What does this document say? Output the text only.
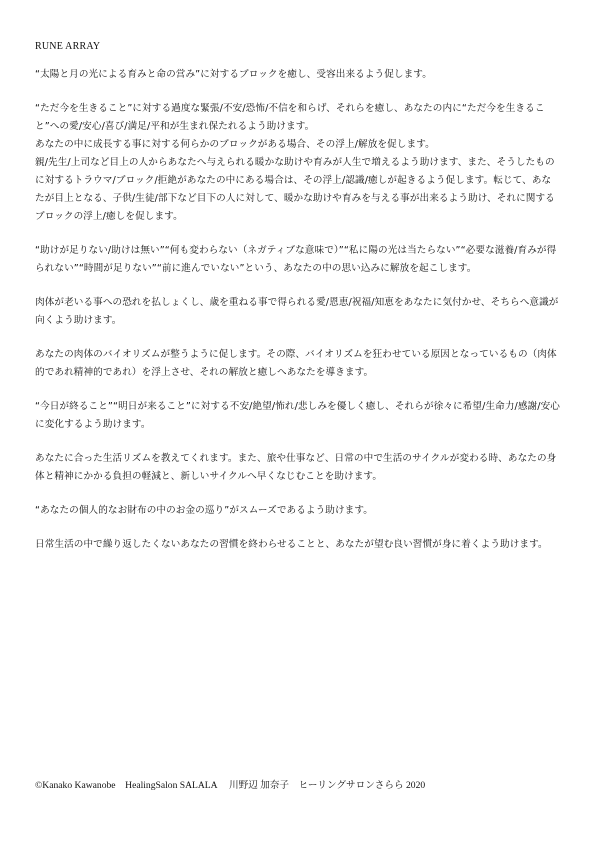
RUNE ARRAY

“太陽と月の光による育みと命の営み”に対するブロックを癒し、受容出来るよう促します。

“ただ今を生きること”に対する過度な緊張/不安/恐怖/不信を和らげ、それらを癒し、あなたの内に“ただ今を生きること”への愛/安心/喜び/満足/平和が生まれ保たれるよう助けます。

あなたの中に成長する事に対する何らかのブロックがある場合、その浮上/解放を促します。

親/先生/上司など目上の人からあなたへ与えられる暖かな助けや育みが人生で増えるよう助けます、また、そうしたものに対するトラウマ/ブロック/拒絶があなたの中にある場合は、その浮上/認識/癒しが起きるよう促します。転じて、あなたが目上となる、子供/生徒/部下など目下の人に対して、暖かな助けや育みを与える事が出来るよう助け、それに関するブロックの浮上/癒しを促します。

“助けが足りない/助けは無い”“何も変わらない（ネガティブな意味で）”“私に陽の光は当たらない”“必要な滋養/育みが得られない”“時間が足りない”“前に進んでいない”という、あなたの中の思い込みに解放を起こします。

肉体が老いる事への恐れを払しょくし、歳を重ねる事で得られる愛/恩恵/祝福/知恵をあなたに気付かせ、そちらへ意識が向くよう助けます。

あなたの肉体のバイオリズムが整うように促します。その際、バイオリズムを狂わせている原因となっているもの（肉体的であれ精神的であれ）を浮上させ、それの解放と癒しへあなたを導きます。

“今日が終ること”“明日が来ること”に対する不安/絶望/怖れ/悲しみを優しく癒し、それらが徐々に希望/生命力/感謝/安心に変化するよう助けます。

あなたに合った生活リズムを教えてくれます。また、旅や仕事など、日常の中で生活のサイクルが変わる時、あなたの身体と精神にかかる負担の軽減と、新しいサイクルへ早くなじむことを助けます。

“あなたの個人的なお財布の中のお金の巡り”がスムーズであるよう助けます。

日常生活の中で繰り返したくないあなたの習慣を終わらせることと、あなたが望む良い習慣が身に着くよう助けます。

©Kanako Kawanobe　HealingSalon SALALA　 川野辺 加奈子　ヒーリングサロンさらら 2020
